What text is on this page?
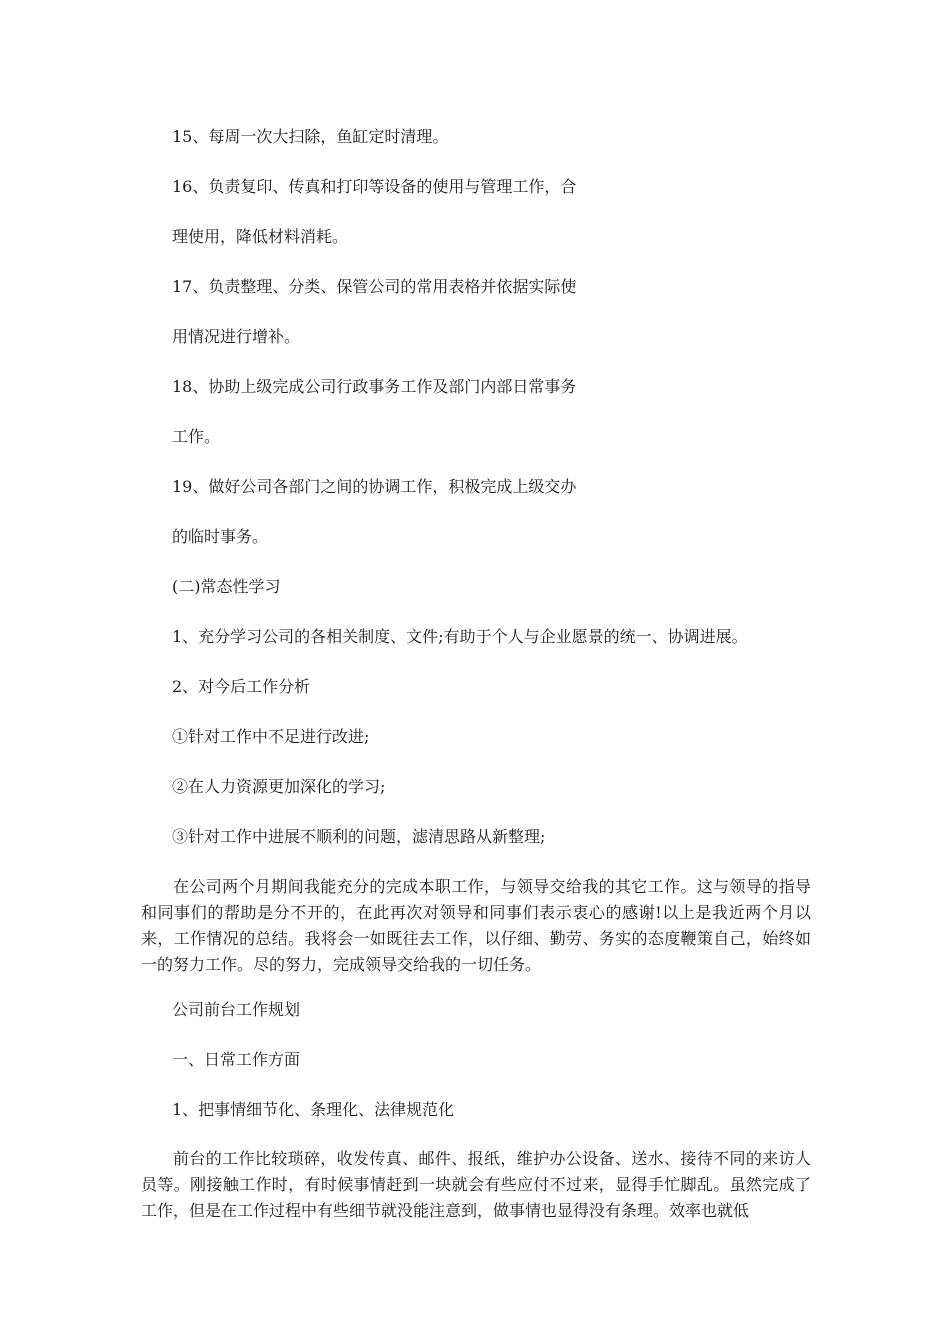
15、每周一次大扫除，鱼缸定时清理。
16、负责复印、传真和打印等设备的使用与管理工作，合
理使用，降低材料消耗。
17、负责整理、分类、保管公司的常用表格并依据实际使
用情况进行增补。
18、协助上级完成公司行政事务工作及部门内部日常事务
工作。
19、做好公司各部门之间的协调工作，积极完成上级交办
的临时事务。
(二)常态性学习
1、充分学习公司的各相关制度、文件;有助于个人与企业愿景的统一、协调进展。
2、对今后工作分析
①针对工作中不足进行改进;
②在人力资源更加深化的学习;
③针对工作中进展不顺利的问题，滤清思路从新整理;
在公司两个月期间我能充分的完成本职工作，与领导交给我的其它工作。这与领导的指导和同事们的帮助是分不开的，在此再次对领导和同事们表示衷心的感谢!以上是我近两个月以来，工作情况的总结。我将会一如既往去工作，以仔细、勤劳、务实的态度鞭策自己，始终如一的努力工作。尽的努力，完成领导交给我的一切任务。
公司前台工作规划
一、日常工作方面
1、把事情细节化、条理化、法律规范化
前台的工作比较琐碎，收发传真、邮件、报纸，维护办公设备、送水、接待不同的来访人员等。刚接触工作时，有时候事情赶到一块就会有些应付不过来，显得手忙脚乱。虽然完成了工作，但是在工作过程中有些细节就没能注意到，做事情也显得没有条理。效率也就低
